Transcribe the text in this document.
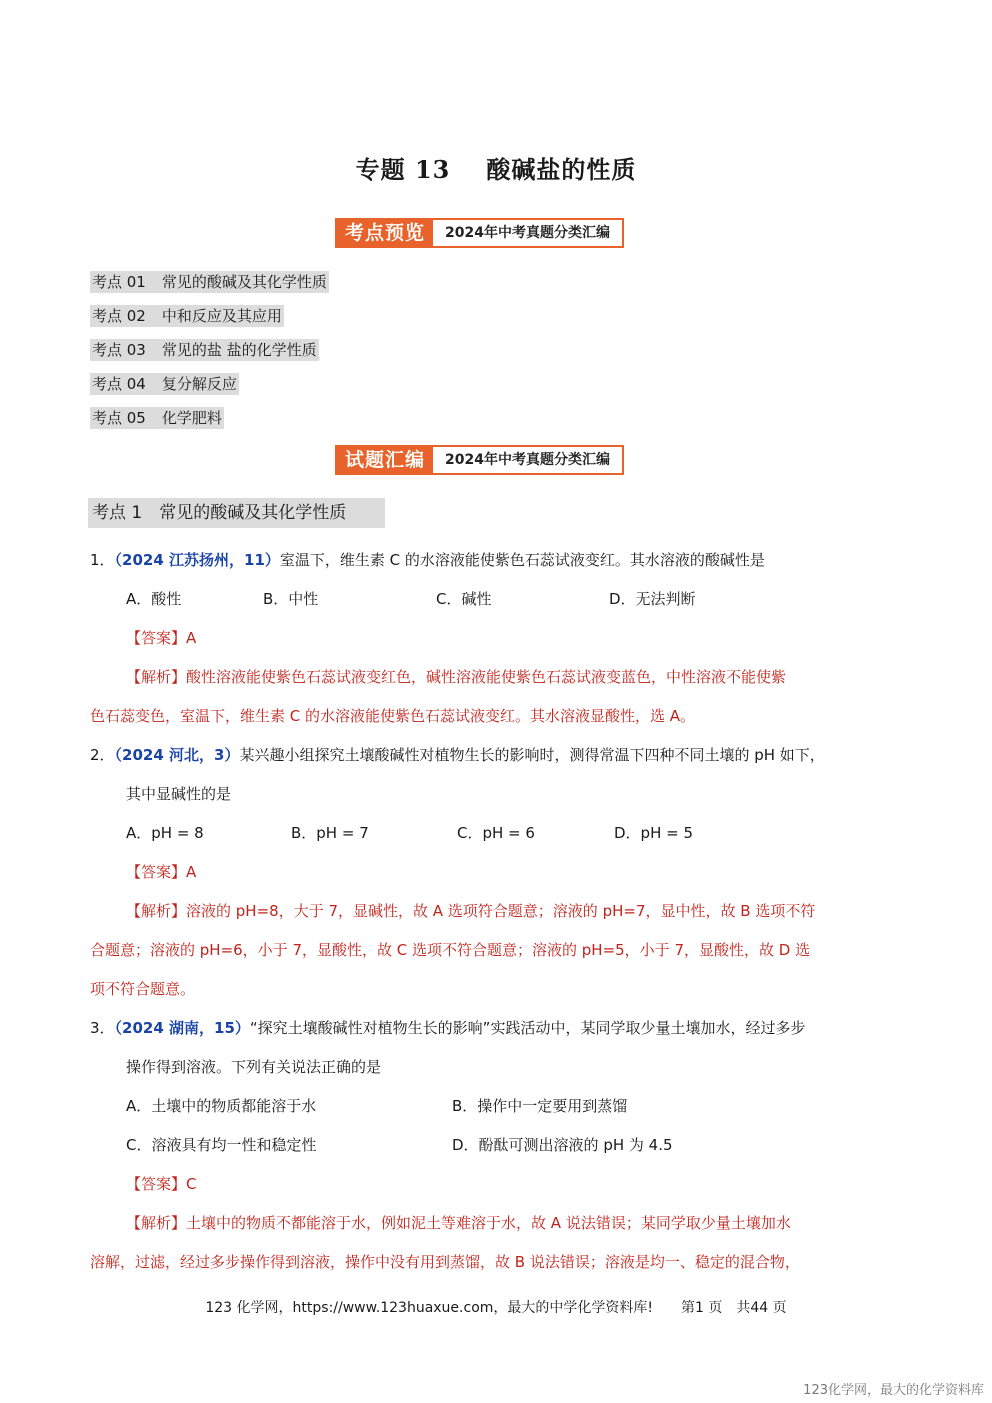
专题 13 酸碱盐的性质
考点预览	2024年中考真题分类汇编
考点 01 常见的酸碱及其化学性质
考点 02 中和反应及其应用
考点 03 常见的盐 盐的化学性质
考点 04 复分解反应
考点 05 化学肥料
试题汇编	2024年中考真题分类汇编
考点 1　常见的酸碱及其化学性质
1．（2024 江苏扬州，11）室温下，维生素 C 的水溶液能使紫色石蕊试液变红。其水溶液的酸碱性是
A．酸性	B．中性	C．碱性	D．无法判断
【答案】A
【解析】酸性溶液能使紫色石蕊试液变红色，碱性溶液能使紫色石蕊试液变蓝色，中性溶液不能使紫
色石蕊变色，室温下，维生素 C 的水溶液能使紫色石蕊试液变红。其水溶液显酸性，选 A。
2．（2024 河北，3）某兴趣小组探究土壤酸碱性对植物生长的影响时，测得常温下四种不同土壤的 pH 如下，
其中显碱性的是
A．pH = 8	B．pH = 7	C．pH = 6	D．pH = 5
【答案】A
【解析】溶液的 pH=8，大于 7，显碱性，故 A 选项符合题意；溶液的 pH=7，显中性，故 B 选项不符
合题意；溶液的 pH=6，小于 7，显酸性，故 C 选项不符合题意；溶液的 pH=5，小于 7，显酸性，故 D 选
项不符合题意。
3．（2024 湖南，15）“探究土壤酸碱性对植物生长的影响”实践活动中，某同学取少量土壤加水，经过多步
操作得到溶液。下列有关说法正确的是
A．土壤中的物质都能溶于水	B．操作中一定要用到蒸馏
C．溶液具有均一性和稳定性	D．酚酞可测出溶液的 pH 为 4.5
【答案】C
【解析】土壤中的物质不都能溶于水，例如泥土等难溶于水，故 A 说法错误；某同学取少量土壤加水
溶解，过滤，经过多步操作得到溶液，操作中没有用到蒸馏，故 B 说法错误；溶液是均一、稳定的混合物，
123 化学网，https://www.123huaxue.com，最大的中学化学资料库!　　第1 页　共44 页
123化学网，最大的化学资料库
